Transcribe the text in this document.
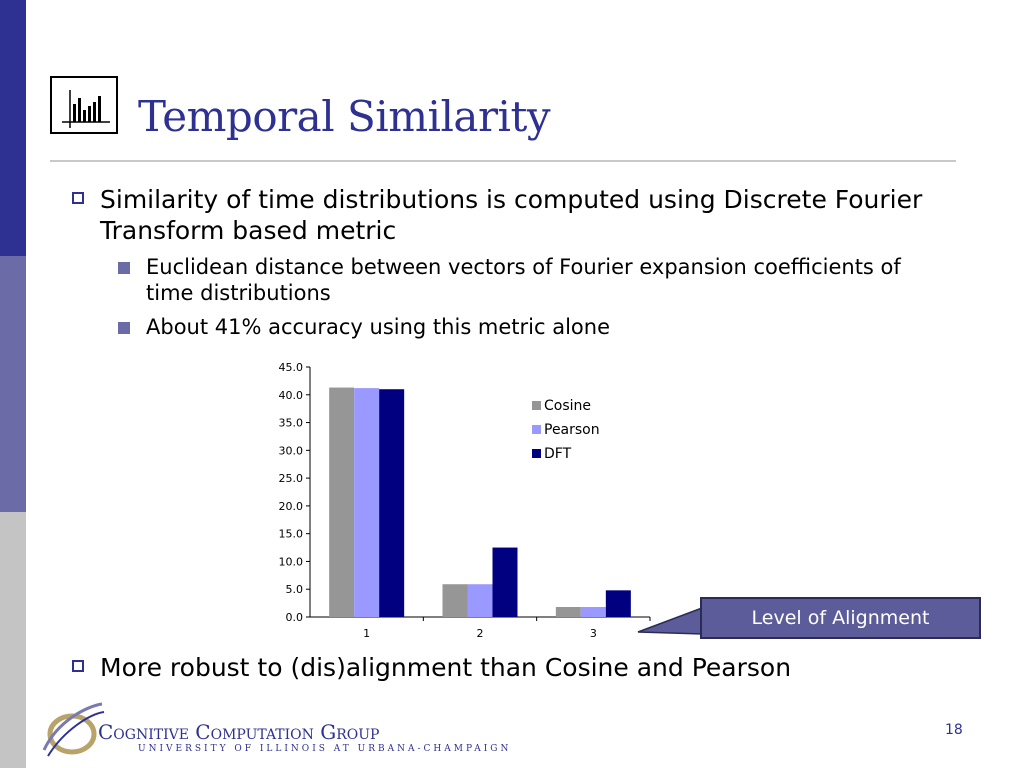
Temporal Similarity
Similarity of time distributions is computed using Discrete Fourier Transform based metric
Euclidean distance between vectors of Fourier expansion coefficients of time distributions
About 41% accuracy using this metric alone
0.0
5.0
10.0
15.0
20.0
25.0
30.0
35.0
40.0
45.0
1	2	3
Cosine
Pearson
DFT
Level of Alignment
More robust to (dis)alignment than Cosine and Pearson
Cognitive Computation Group
UNIVERSITY OF ILLINOIS AT URBANA-CHAMPAIGN
18
